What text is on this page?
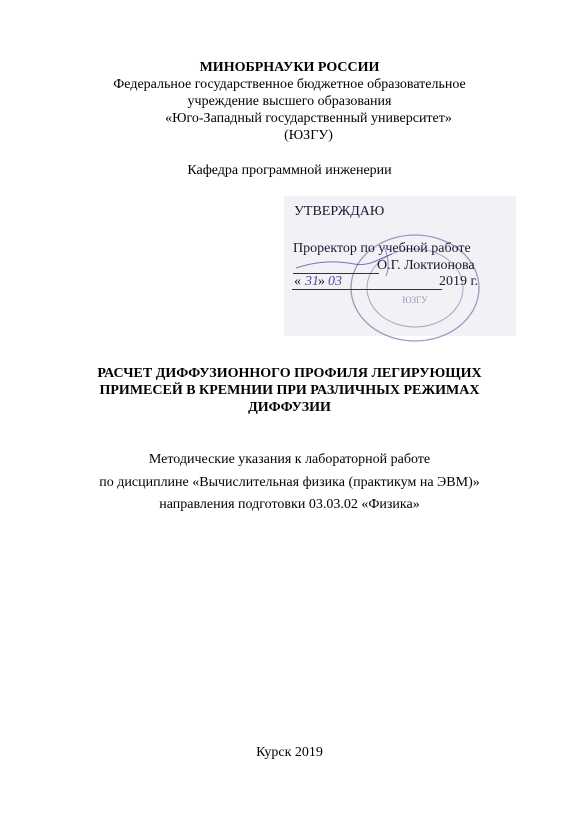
МИНОБРНАУКИ РОССИИ
Федеральное государственное бюджетное образовательное
учреждение высшего образования
«Юго-Западный государственный университет»
(ЮЗГУ)
Кафедра программной инженерии
ЮЗГУ
УТВЕРЖДАЮ
Проректор по учебной работе
О.Г. Локтионова
« 31 » 03	2019 г.
РАСЧЕТ ДИФФУЗИОННОГО ПРОФИЛЯ ЛЕГИРУЮЩИХ
ПРИМЕСЕЙ В КРЕМНИИ ПРИ РАЗЛИЧНЫХ РЕЖИМАХ
ДИФФУЗИИ
Методические указания к лабораторной работе
по дисциплине «Вычислительная физика (практикум на ЭВМ)»
направления подготовки 03.03.02 «Физика»
Курск 2019
